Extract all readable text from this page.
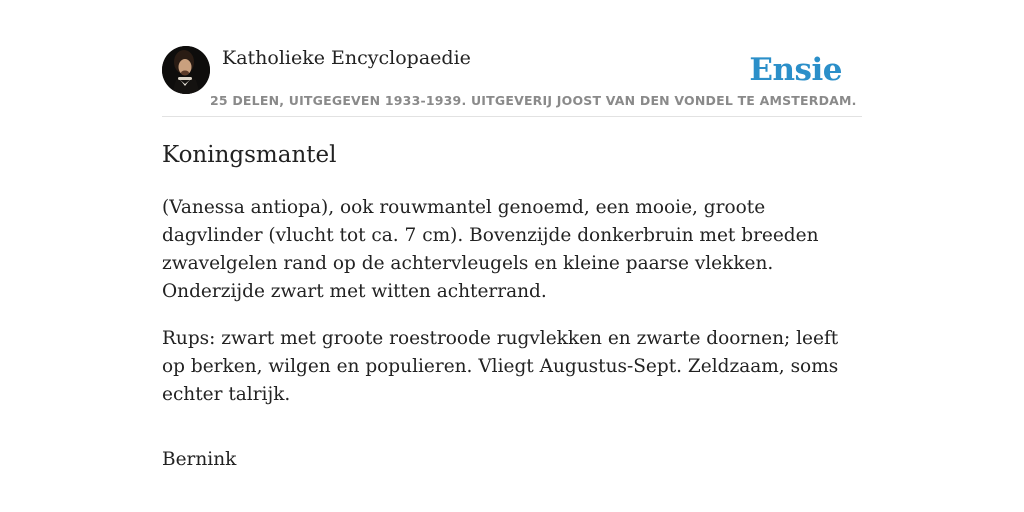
Katholieke Encyclopaedie	Ensie
25 DELEN, UITGEGEVEN 1933-1939. UITGEVERIJ JOOST VAN DEN VONDEL TE AMSTERDAM.
Koningsmantel

(Vanessa antiopa), ook rouwmantel genoemd, een mooie, groote dagvlinder (vlucht tot ca. 7 cm). Bovenzijde donkerbruin met breeden zwavelgelen rand op de achtervleugels en kleine paarse vlekken. Onderzijde zwart met witten achterrand.

Rups: zwart met groote roestroode rugvlekken en zwarte doornen; leeft op berken, wilgen en populieren. Vliegt Augustus-Sept. Zeldzaam, soms echter talrijk.

Bernink
